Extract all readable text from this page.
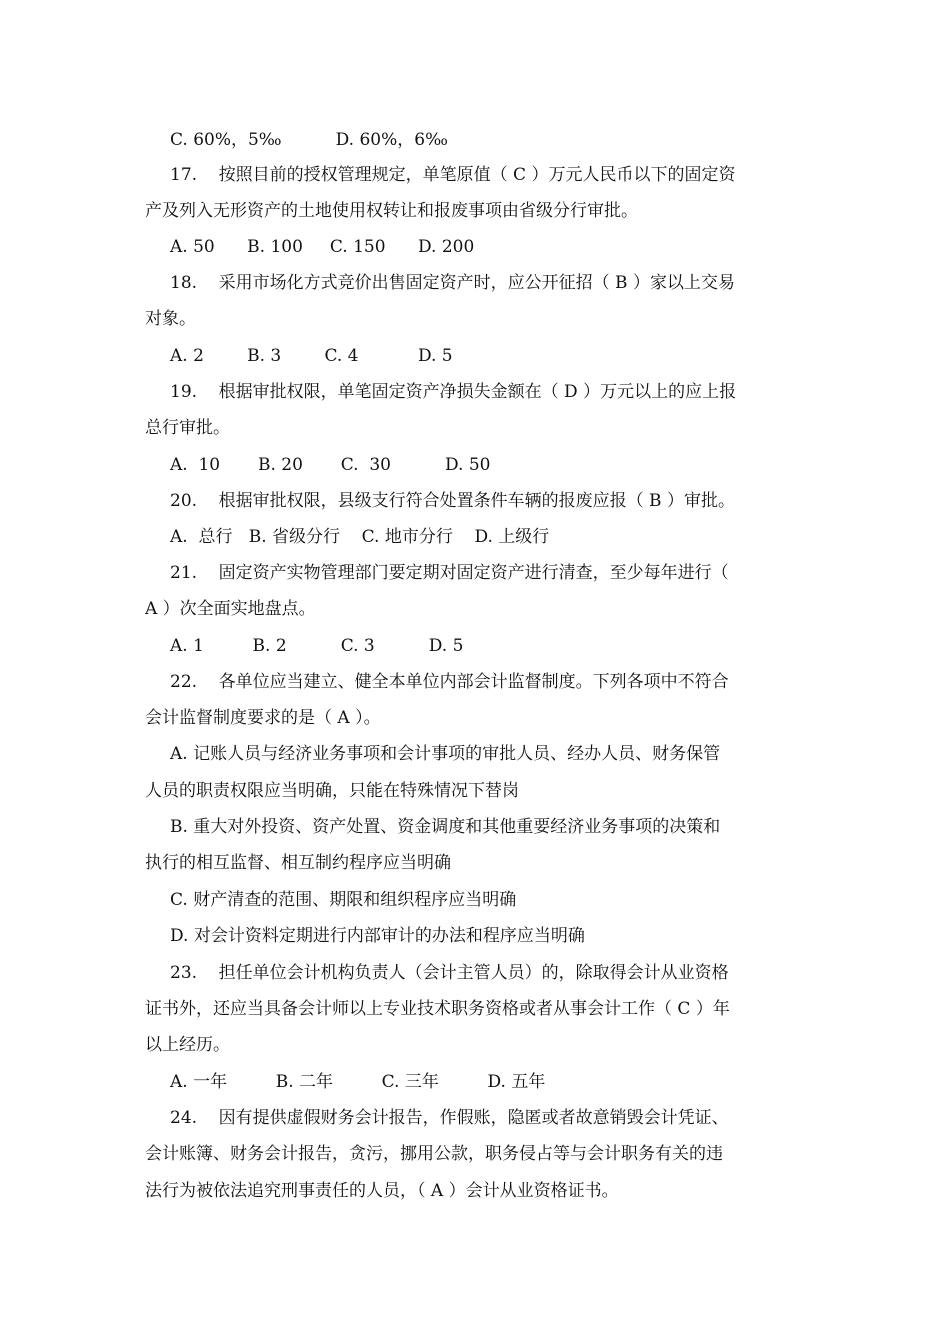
C. 60%，5‰          D. 60%，6‰
17.    按照目前的授权管理规定，单笔原值（ C ）万元人民币以下的固定资
产及列入无形资产的土地使用权转让和报废事项由省级分行审批。
A. 50      B. 100     C. 150      D. 200
18.    采用市场化方式竞价出售固定资产时，应公开征招（ B ）家以上交易
对象。
A. 2        B. 3        C. 4           D. 5
19.    根据审批权限，单笔固定资产净损失金额在（ D ）万元以上的应上报
总行审批。
A.  10       B. 20       C.  30          D. 50
20.    根据审批权限，县级支行符合处置条件车辆的报废应报（ B ）审批。
A.  总行   B. 省级分行    C. 地市分行    D. 上级行
21.    固定资产实物管理部门要定期对固定资产进行清查，至少每年进行（
A ）次全面实地盘点。
A. 1         B. 2          C. 3          D. 5
22.    各单位应当建立、健全本单位内部会计监督制度。下列各项中不符合
会计监督制度要求的是（ A ）。
A. 记账人员与经济业务事项和会计事项的审批人员、经办人员、财务保管
人员的职责权限应当明确，只能在特殊情况下替岗
B. 重大对外投资、资产处置、资金调度和其他重要经济业务事项的决策和
执行的相互监督、相互制约程序应当明确
C. 财产清查的范围、期限和组织程序应当明确
D. 对会计资料定期进行内部审计的办法和程序应当明确
23.    担任单位会计机构负责人（会计主管人员）的，除取得会计从业资格
证书外，还应当具备会计师以上专业技术职务资格或者从事会计工作（ C ）年
以上经历。
A. 一年         B. 二年         C. 三年         D. 五年
24.    因有提供虚假财务会计报告，作假账，隐匿或者故意销毁会计凭证、
会计账簿、财务会计报告，贪污，挪用公款，职务侵占等与会计职务有关的违
法行为被依法追究刑事责任的人员，（ A ）会计从业资格证书。
